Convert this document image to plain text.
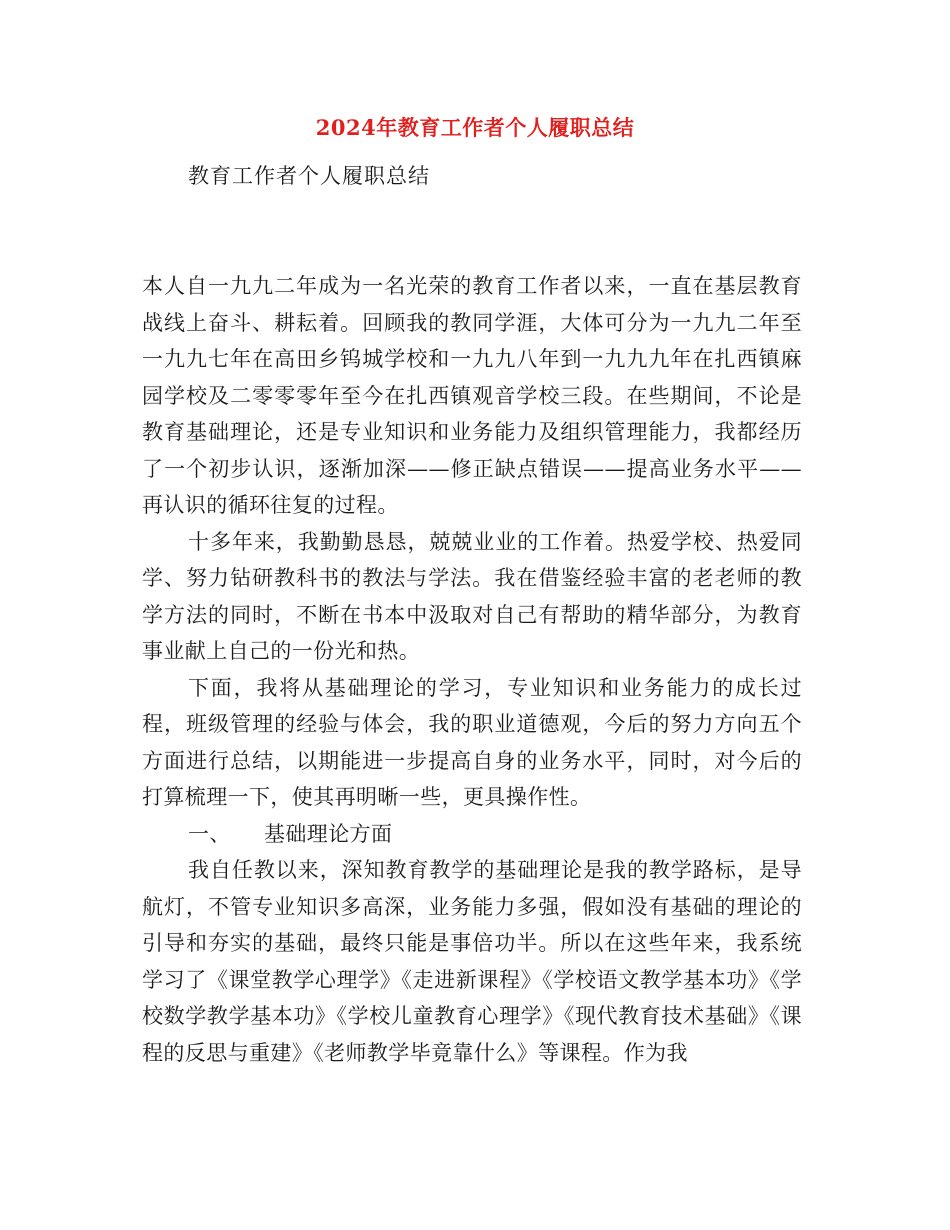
2024年教育工作者个人履职总结

教育工作者个人履职总结

本人自一九九二年成为一名光荣的教育工作者以来，一直在基层教育战线上奋斗、耕耘着。回顾我的教同学涯，大体可分为一九九二年至一九九七年在高田乡钨城学校和一九九八年到一九九九年在扎西镇麻园学校及二零零零年至今在扎西镇观音学校三段。在些期间，不论是教育基础理论，还是专业知识和业务能力及组织管理能力，我都经历了一个初步认识，逐渐加深——修正缺点错误——提高业务水平——再认识的循环往复的过程。

十多年来，我勤勤恳恳，兢兢业业的工作着。热爱学校、热爱同学、努力钻研教科书的教法与学法。我在借鉴经验丰富的老老师的教学方法的同时，不断在书本中汲取对自己有帮助的精华部分，为教育事业献上自己的一份光和热。

下面，我将从基础理论的学习，专业知识和业务能力的成长过程，班级管理的经验与体会，我的职业道德观，今后的努力方向五个方面进行总结，以期能进一步提高自身的业务水平，同时，对今后的打算梳理一下，使其再明晰一些，更具操作性。

一、 基础理论方面

我自任教以来，深知教育教学的基础理论是我的教学路标，是导航灯，不管专业知识多高深，业务能力多强，假如没有基础的理论的引导和夯实的基础，最终只能是事倍功半。所以在这些年来，我系统学习了《课堂教学心理学》《走进新课程》《学校语文教学基本功》《学校数学教学基本功》《学校儿童教育心理学》《现代教育技术基础》《课程的反思与重建》《老师教学毕竟靠什么》等课程。作为我
